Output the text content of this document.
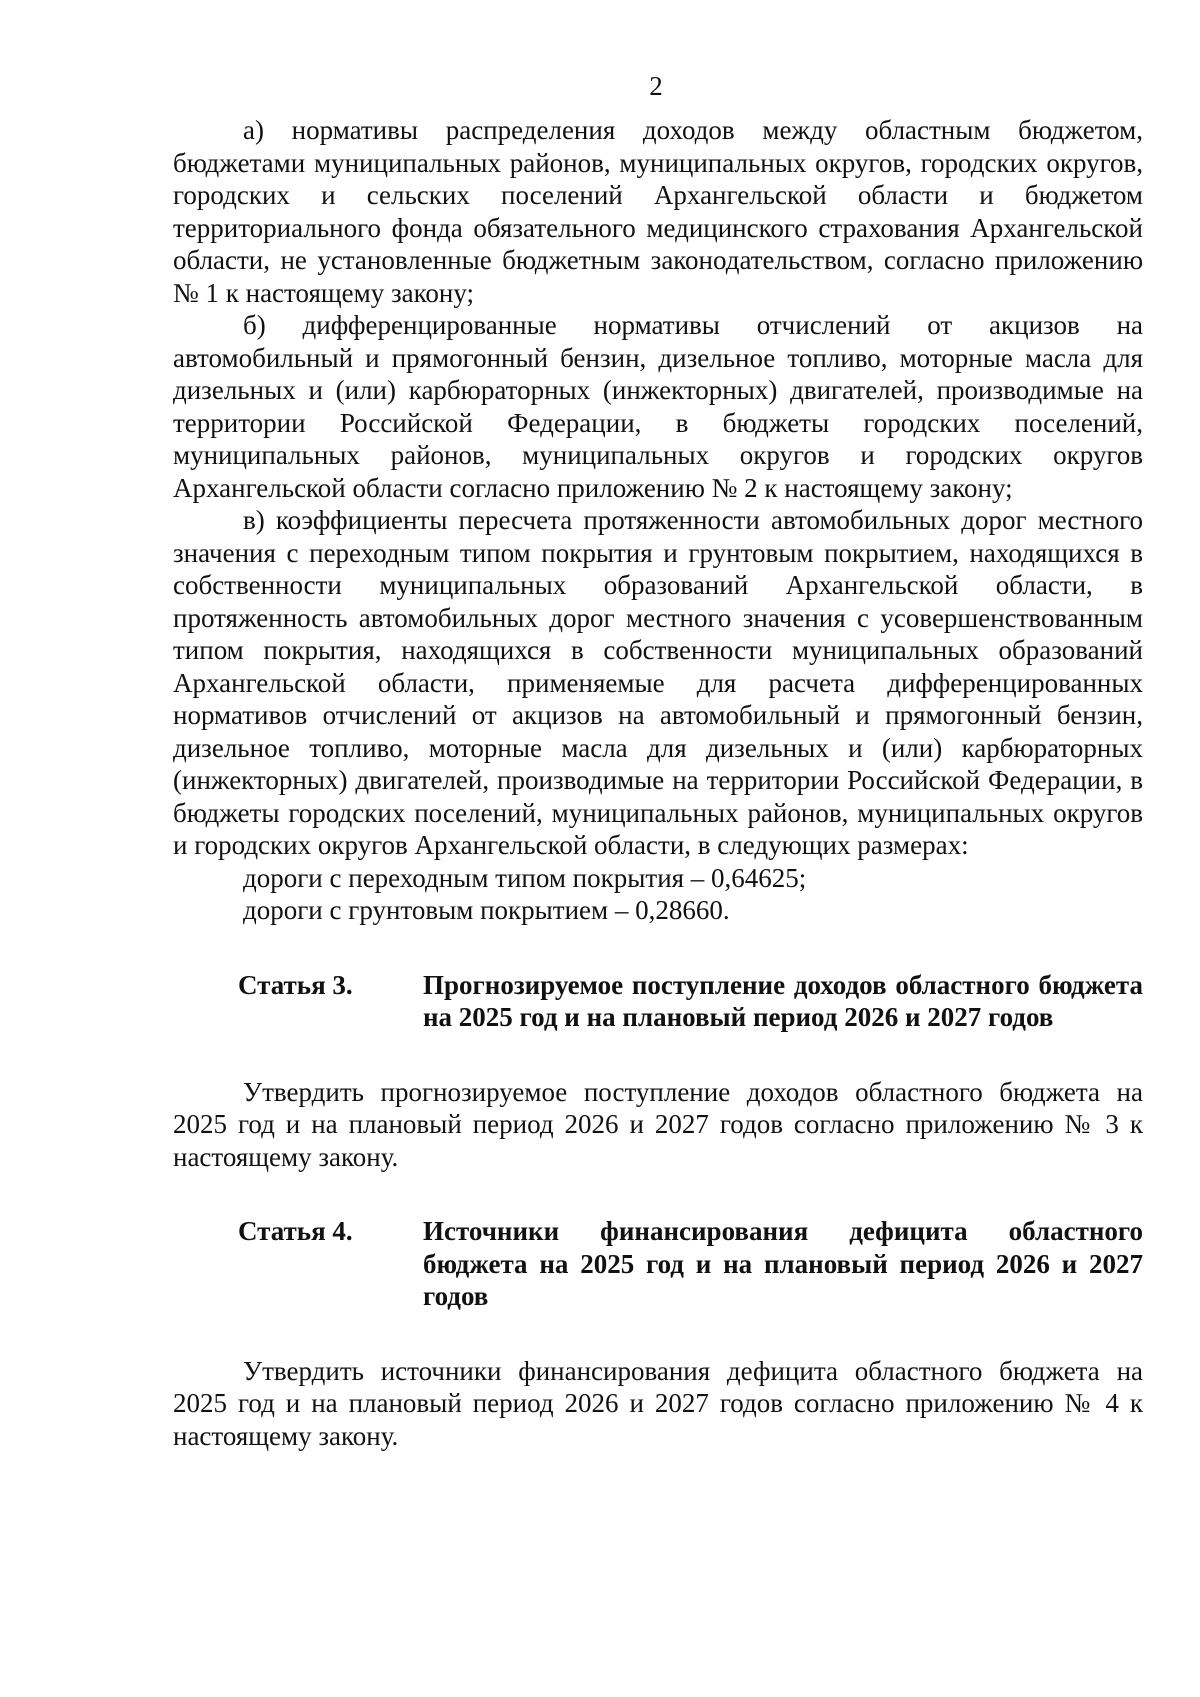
2

а) нормативы распределения доходов между областным бюджетом, бюджетами муниципальных районов, муниципальных округов, городских округов, городских и сельских поселений Архангельской области и бюджетом территориального фонда обязательного медицинского страхования Архангельской области, не установленные бюджетным законодательством, согласно приложению № 1 к настоящему закону;

б) дифференцированные нормативы отчислений от акцизов на автомобильный и прямогонный бензин, дизельное топливо, моторные масла для дизельных и (или) карбюраторных (инжекторных) двигателей, производимые на территории Российской Федерации, в бюджеты городских поселений, муниципальных районов, муниципальных округов и городских округов Архангельской области согласно приложению № 2 к настоящему закону;

в) коэффициенты пересчета протяженности автомобильных дорог местного значения с переходным типом покрытия и грунтовым покрытием, находящихся в собственности муниципальных образований Архангельской области, в протяженность автомобильных дорог местного значения с усовершенствованным типом покрытия, находящихся в собственности муниципальных образований Архангельской области, применяемые для расчета дифференцированных нормативов отчислений от акцизов на автомобильный и прямогонный бензин, дизельное топливо, моторные масла для дизельных и (или) карбюраторных (инжекторных) двигателей, производимые на территории Российской Федерации, в бюджеты городских поселений, муниципальных районов, муниципальных округов и городских округов Архангельской области, в следующих размерах:

дороги с переходным типом покрытия – 0,64625;

дороги с грунтовым покрытием – 0,28660.

Статья 3.	Прогнозируемое поступление доходов областного бюджета на 2025 год и на плановый период 2026 и 2027 годов

Утвердить прогнозируемое поступление доходов областного бюджета на 2025 год и на плановый период 2026 и 2027 годов согласно приложению № 3 к настоящему закону.

Статья 4.	Источники финансирования дефицита областного бюджета на 2025 год и на плановый период 2026 и 2027 годов

Утвердить источники финансирования дефицита областного бюджета на 2025 год и на плановый период 2026 и 2027 годов согласно приложению № 4 к настоящему закону.
